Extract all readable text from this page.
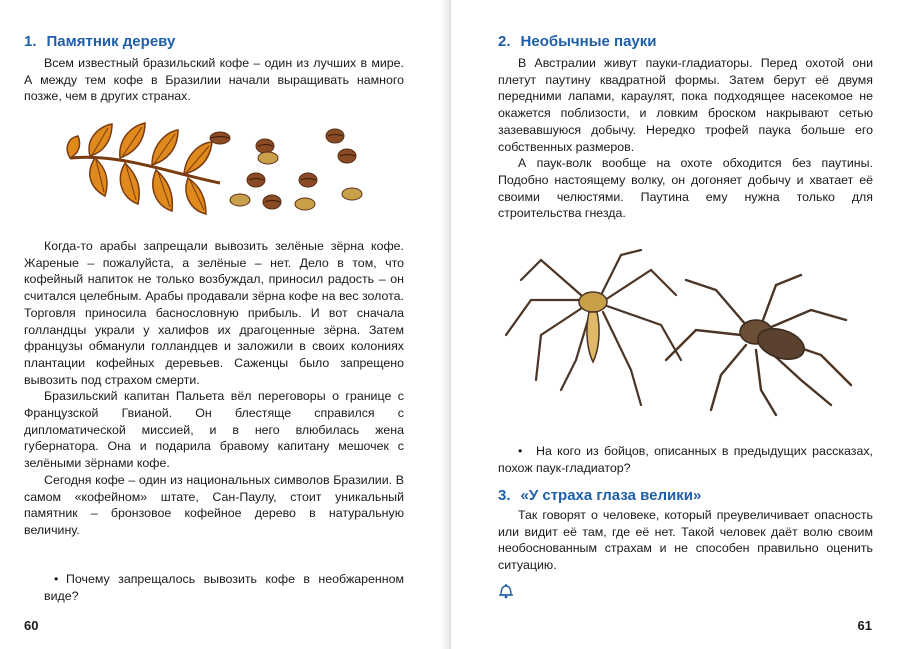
1. Памятник дереву

Всем известный бразильский кофе – один из лучших в мире. А между тем кофе в Бразилии начали выращивать намного позже, чем в других странах.

Когда-то арабы запрещали вывозить зелёные зёрна кофе. Жареные – пожалуйста, а зелёные – нет. Дело в том, что кофейный напиток не только возбуждал, приносил радость – он считался целебным. Арабы продавали зёрна кофе на вес золота. Торговля приносила баснословную прибыль. И вот сначала голландцы украли у халифов их драгоценные зёрна. Затем французы обманули голландцев и заложили в своих колониях плантации кофейных деревьев. Саженцы было запрещено вывозить под страхом смерти.

Бразильский капитан Пальета вёл переговоры о границе с Французской Гвианой. Он блестяще справился с дипломатической миссией, и в него влюбилась жена губернатора. Она и подарила бравому капитану мешочек с зелёными зёрнами кофе.

Сегодня кофе – один из национальных символов Бразилии. В самом «кофейном» штате, Сан-Паулу, стоит уникальный памятник – бронзовое кофейное дерево в натуральную величину.

• Почему запрещалось вывозить кофе в необжаренном виде?

60
2. Необычные пауки

В Австралии живут пауки-гладиаторы. Перед охотой они плетут паутину квадратной формы. Затем берут её двумя передними лапами, караулят, пока подходящее насекомое не окажется поблизости, и ловким броском накрывают сетью зазевавшуюся добычу. Нередко трофей паука больше его собственных размеров.

А паук-волк вообще на охоте обходится без паутины. Подобно настоящему волку, он догоняет добычу и хватает её своими челюстями. Паутина ему нужна только для строительства гнезда.

•	На кого из бойцов, описанных в предыдущих рассказах, похож паук-гладиатор?

3. «У страха глаза велики»

Так говорят о человеке, который преувеличивает опасность или видит её там, где её нет. Такой человек даёт волю своим необоснованным страхам и не способен правильно оценить ситуацию.

61
